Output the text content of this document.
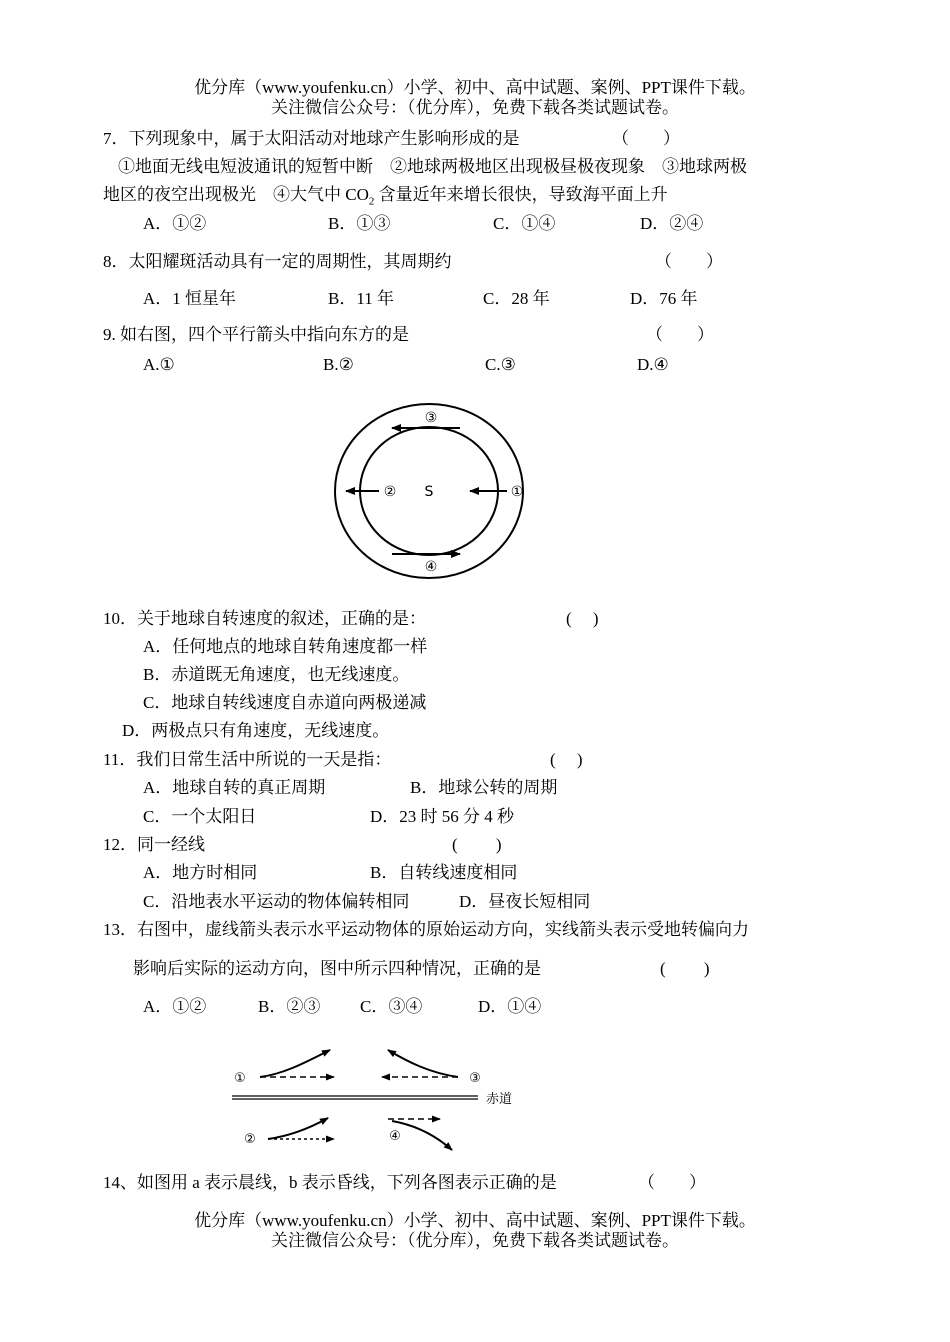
优分库（www.youfenku.cn）小学、初中、高中试题、案例、PPT课件下载。
关注微信公众号：（优分库），免费下载各类试题试卷。
7．下列现象中，属于太阳活动对地球产生影响形成的是	（　　）
①地面无线电短波通讯的短暂中断　②地球两极地区出现极昼极夜现象　③地球两极
地区的夜空出现极光　④大气中 $CO_2$ 含量近年来增长很快，导致海平面上升
A．①②	B．①③	C．①④	D．②④
8．太阳耀斑活动具有一定的周期性，其周期约	（　　）
A．1 恒星年	B．11 年	C．28 年	D．76 年
9. 如右图，四个平行箭头中指向东方的是	（　　）
A.①	B.②	C.③	D.④
S
③
④
②	①
10．关于地球自转速度的叙述，正确的是：	(　 )
A．任何地点的地球自转角速度都一样
B．赤道既无角速度，也无线速度。
C．地球自转线速度自赤道向两极递减
D．两极点只有角速度，无线速度。
11．我们日常生活中所说的一天是指：	(　 )
A．地球自转的真正周期	B．地球公转的周期
C．一个太阳日	D．23 时 56 分 4 秒
12．同一经线	(　　 )
A．地方时相同	B．自转线速度相同
C．沿地表水平运动的物体偏转相同	D．昼夜长短相同
13．右图中，虚线箭头表示水平运动物体的原始运动方向，实线箭头表示受地转偏向力
影响后实际的运动方向，图中所示四种情况，正确的是	(　　 )
A．①②	B．②③ C．③④	D．①④
赤道
①	③
②	④
14、如图用 a 表示晨线，b 表示昏线，下列各图表示正确的是	（　　）
优分库（www.youfenku.cn）小学、初中、高中试题、案例、PPT课件下载。
关注微信公众号：（优分库），免费下载各类试题试卷。
